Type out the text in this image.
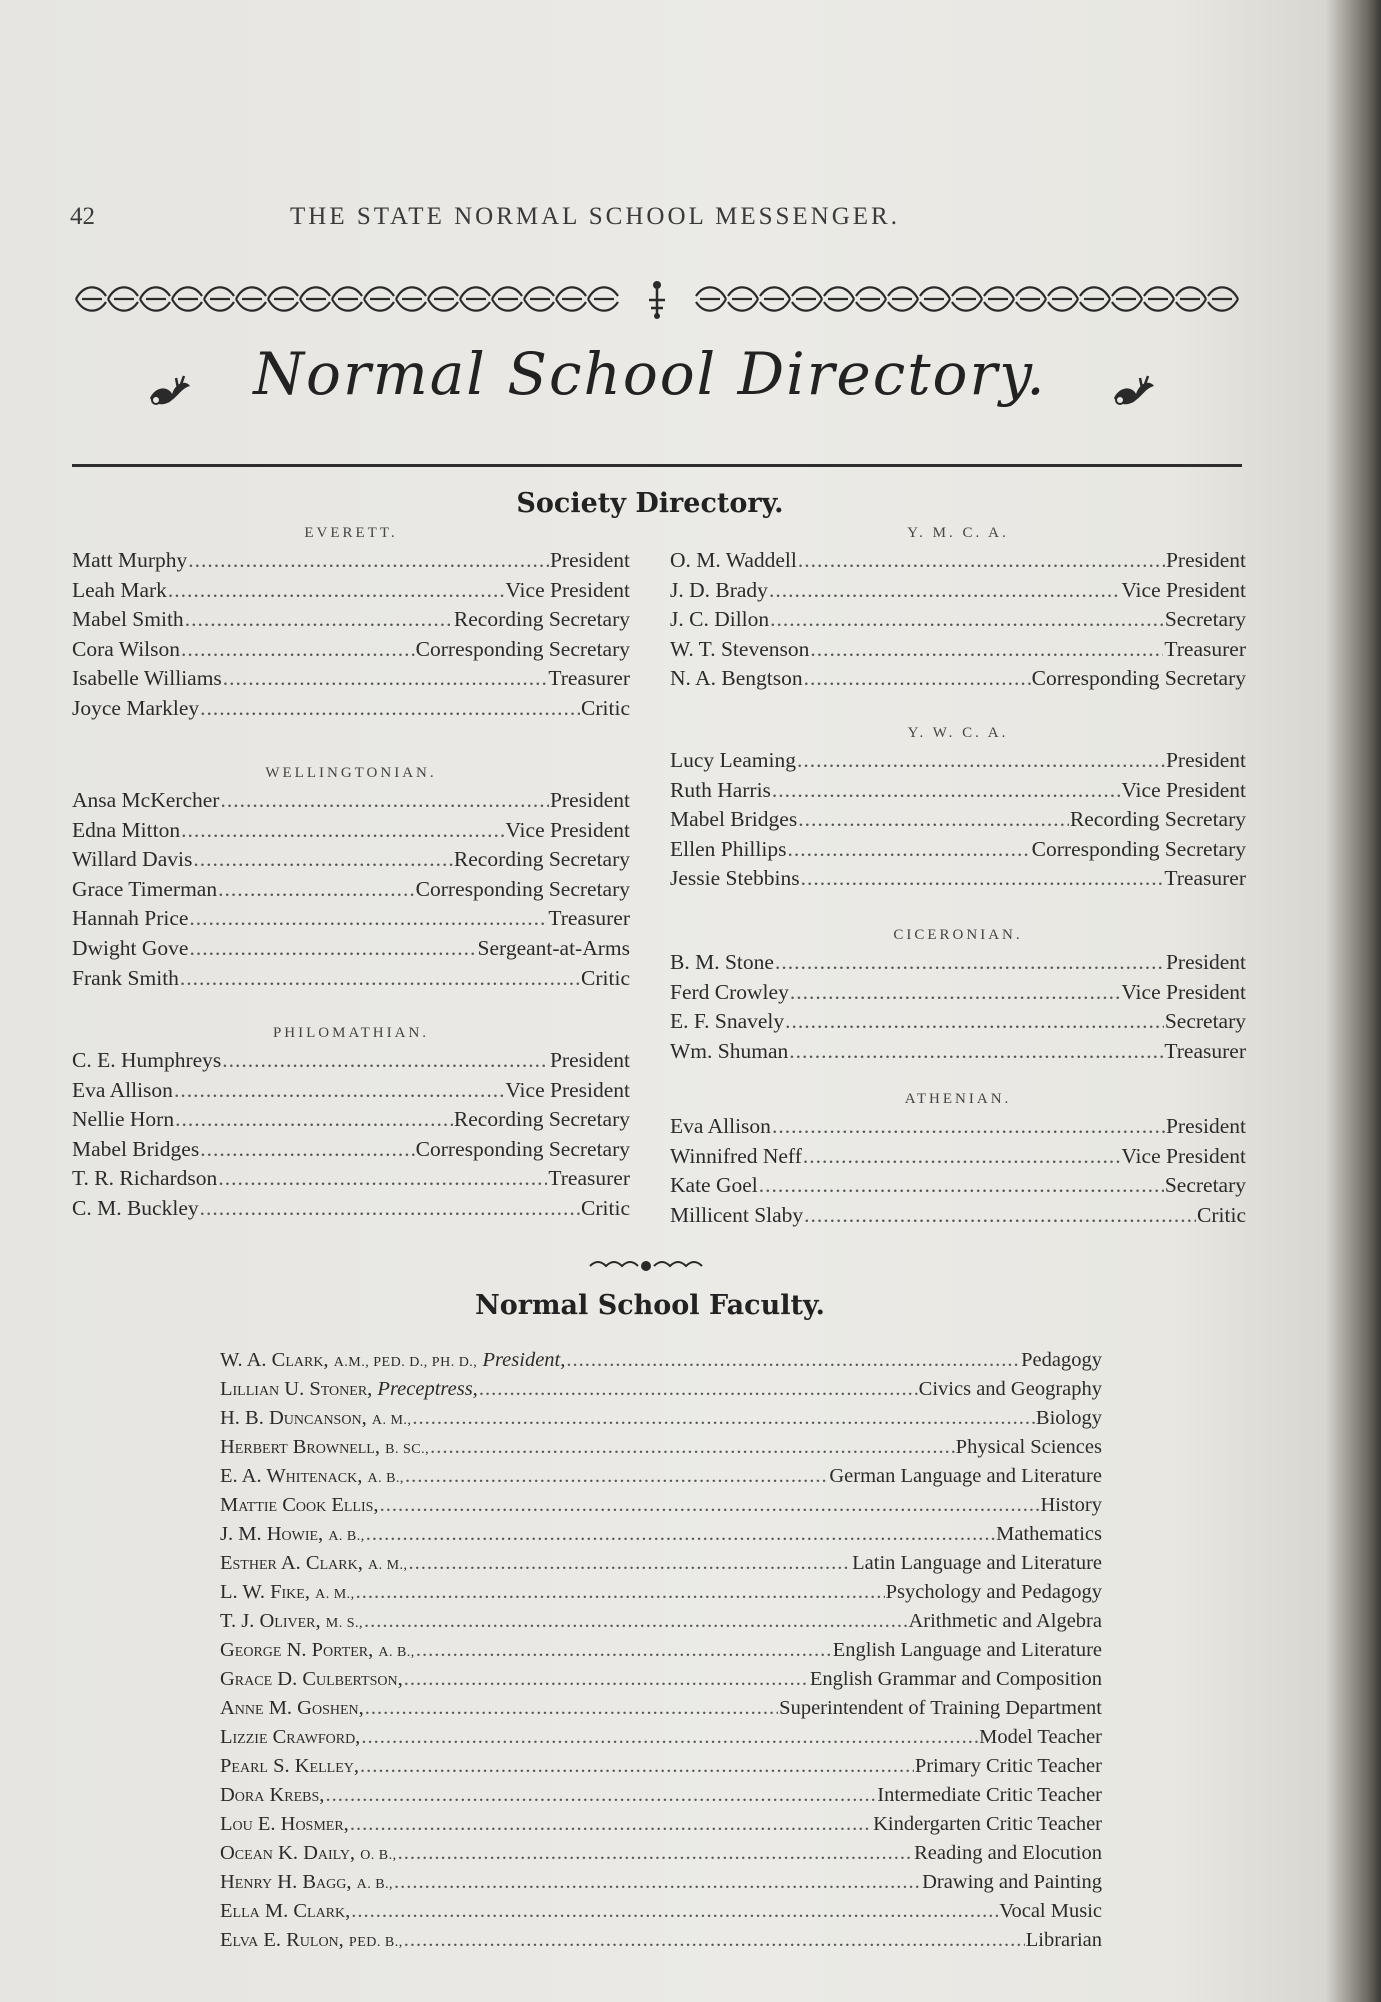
42	THE STATE NORMAL SCHOOL MESSENGER.
Normal School Directory.
Society Directory.
EVERETT.
Matt Murphy .....	President
Leah Mark .....	Vice President
Mabel Smith .....	Recording Secretary
Cora Wilson .....	Corresponding Secretary
Isabelle Williams .....	Treasurer
Joyce Markley .....	Critic
WELLINGTONIAN.
Ansa McKercher .....	President
Edna Mitton .....	Vice President
Willard Davis .....	Recording Secretary
Grace Timerman .....	Corresponding Secretary
Hannah Price .....	Treasurer
Dwight Gove .....	Sergeant-at-Arms
Frank Smith .....	Critic
PHILOMATHIAN.
C. E. Humphreys .....	President
Eva Allison .....	Vice President
Nellie Horn .....	Recording Secretary
Mabel Bridges .....	Corresponding Secretary
T. R. Richardson .....	Treasurer
C. M. Buckley .....	Critic
Y. M. C. A.
O. M. Waddell .....	President
J. D. Brady .....	Vice President
J. C. Dillon .....	Secretary
W. T. Stevenson .....	Treasurer
N. A. Bengtson .....	Corresponding Secretary
Y. W. C. A.
Lucy Leaming .....	President
Ruth Harris .....	Vice President
Mabel Bridges .....	Recording Secretary
Ellen Phillips .....	Corresponding Secretary
Jessie Stebbins .....	Treasurer
CICERONIAN.
B. M. Stone .....	President
Ferd Crowley .....	Vice President
E. F. Snavely .....	Secretary
Wm. Shuman .....	Treasurer
ATHENIAN.
Eva Allison .....	President
Winnifred Neff .....	Vice President
Kate Goel .....	Secretary
Millicent Slaby .....	Critic
Normal School Faculty.
W. A. Clark, A.M., PED. D., PH. D., President, .....	Pedagogy
Lillian U. Stoner, Preceptress, .....	Civics and Geography
H. B. Duncanson, A. M., .....	Biology
Herbert Brownell, B. SC., .....	Physical Sciences
E. A. Whitenack, A. B., .....	German Language and Literature
Mattie Cook Ellis, .....	History
J. M. Howie, A. B., .....	Mathematics
Esther A. Clark, A. M., .....	Latin Language and Literature
L. W. Fike, A. M., .....	Psychology and Pedagogy
T. J. Oliver, M. S., .....	Arithmetic and Algebra
George N. Porter, A. B., .....	English Language and Literature
Grace D. Culbertson, .....	English Grammar and Composition
Anne M. Goshen, .....	Superintendent of Training Department
Lizzie Crawford, .....	Model Teacher
Pearl S. Kelley, .....	Primary Critic Teacher
Dora Krebs, .....	Intermediate Critic Teacher
Lou E. Hosmer, .....	Kindergarten Critic Teacher
Ocean K. Daily, O. B., .....	Reading and Elocution
Henry H. Bagg, A. B., .....	Drawing and Painting
Ella M. Clark, .....	Vocal Music
Elva E. Rulon, PED. B., .....	Librarian
